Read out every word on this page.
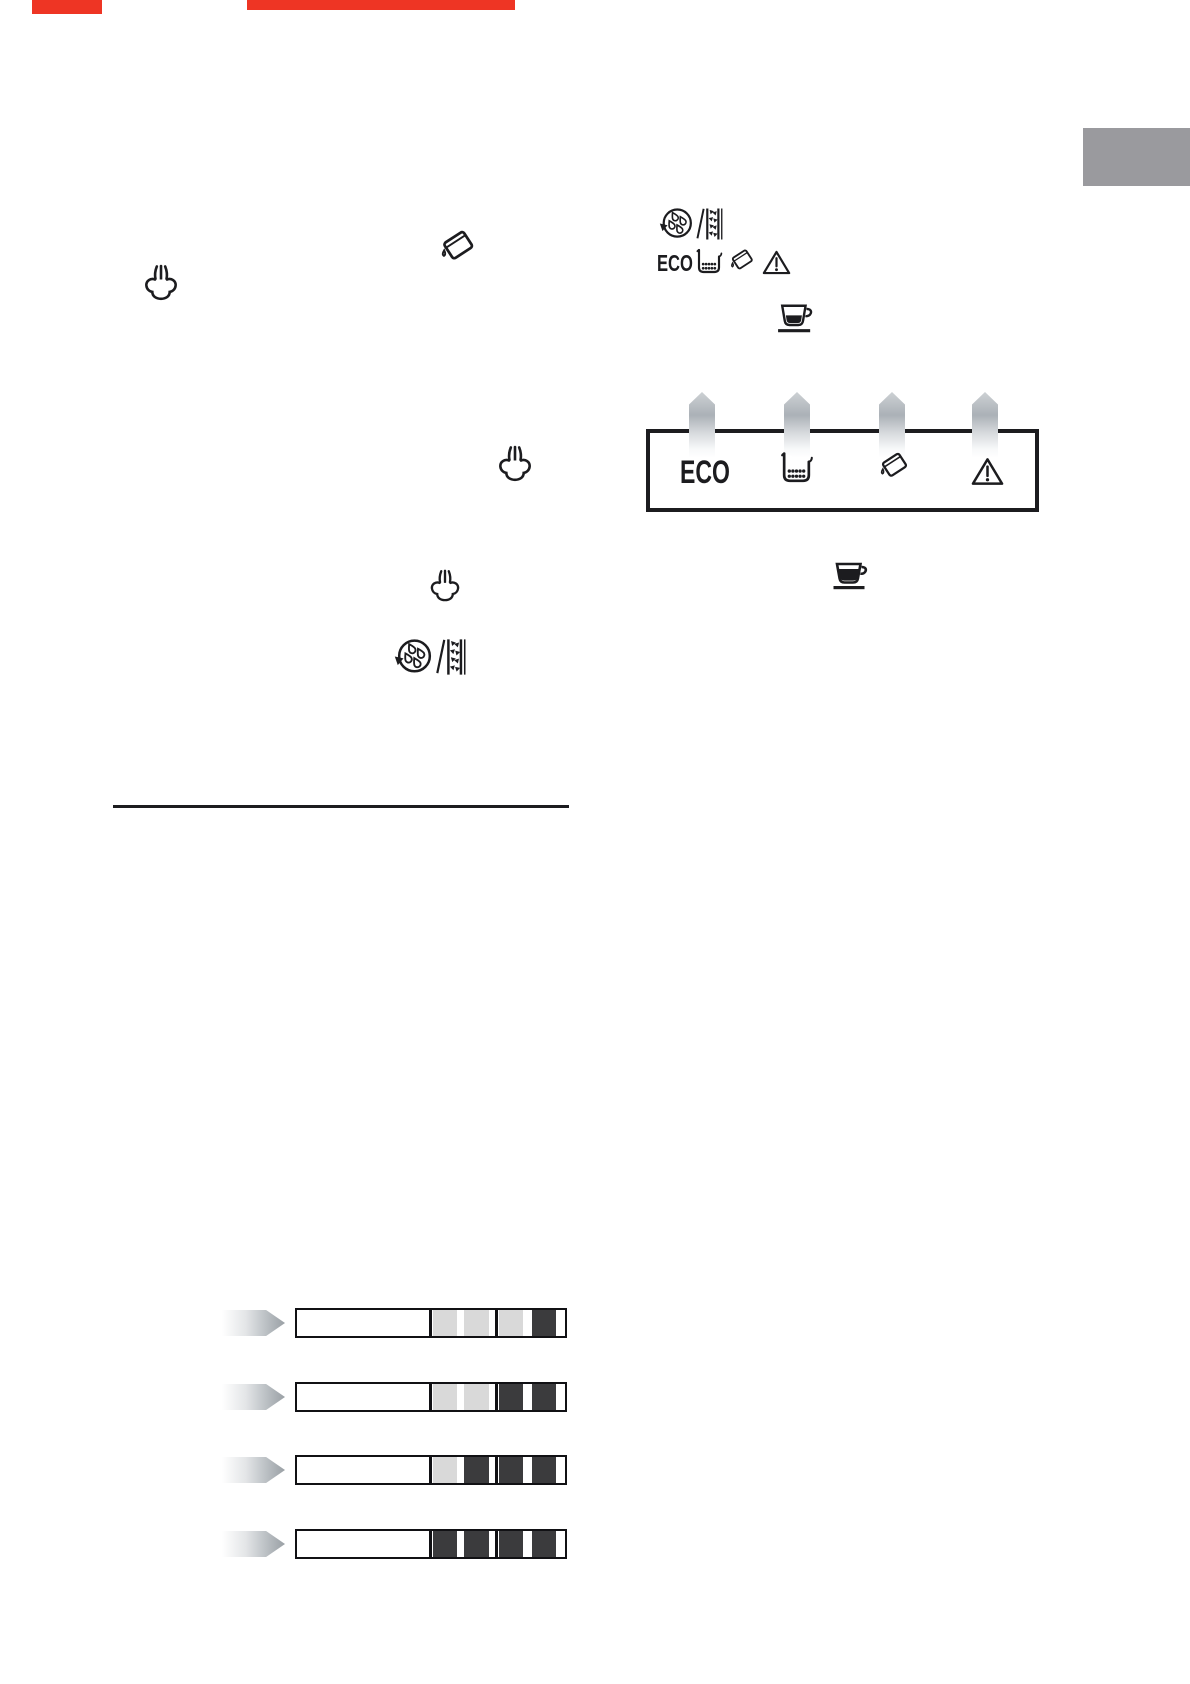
ECO
ECO
